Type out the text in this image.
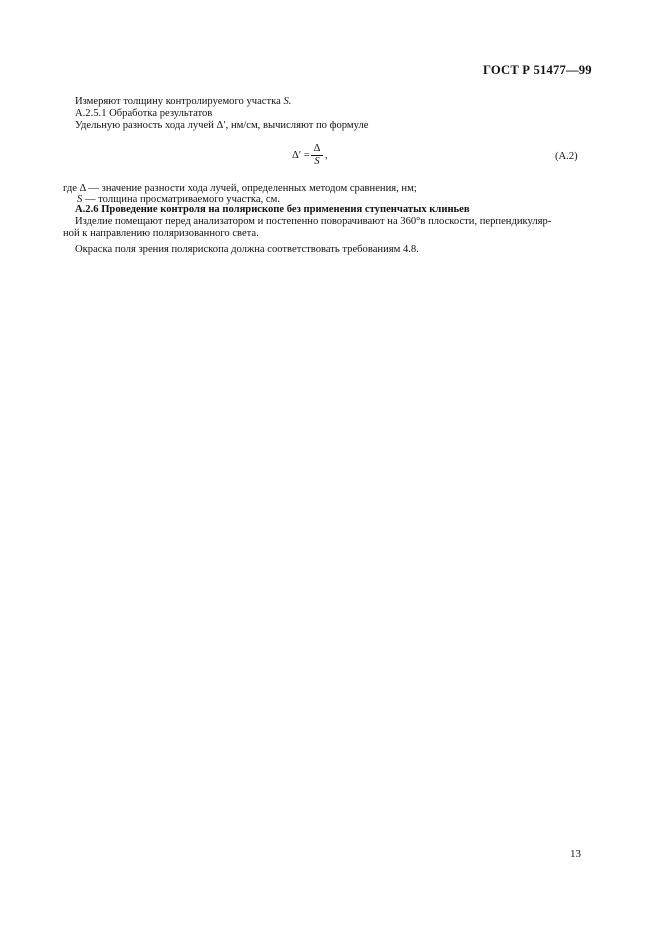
ГОСТ Р 51477—99
Измеряют толщину контролируемого участка S.
А.2.5.1 Обработка результатов
Удельную разность хода лучей Δ′, нм/см, вычисляют по формуле
Δ′ =
Δ
S
,	(А.2)
где Δ — значение разности хода лучей, определенных методом сравнения, нм;
S — толщина просматриваемого участка, см.
А.2.6 Проведение контроля на полярископе без применения ступенчатых клиньев
Изделие помещают перед анализатором и постепенно поворачивают на 360°в плоскости, перпендикуляр-
ной к направлению поляризованного света.
Окраска поля зрения полярископа должна соответствовать требованиям 4.8.
13
